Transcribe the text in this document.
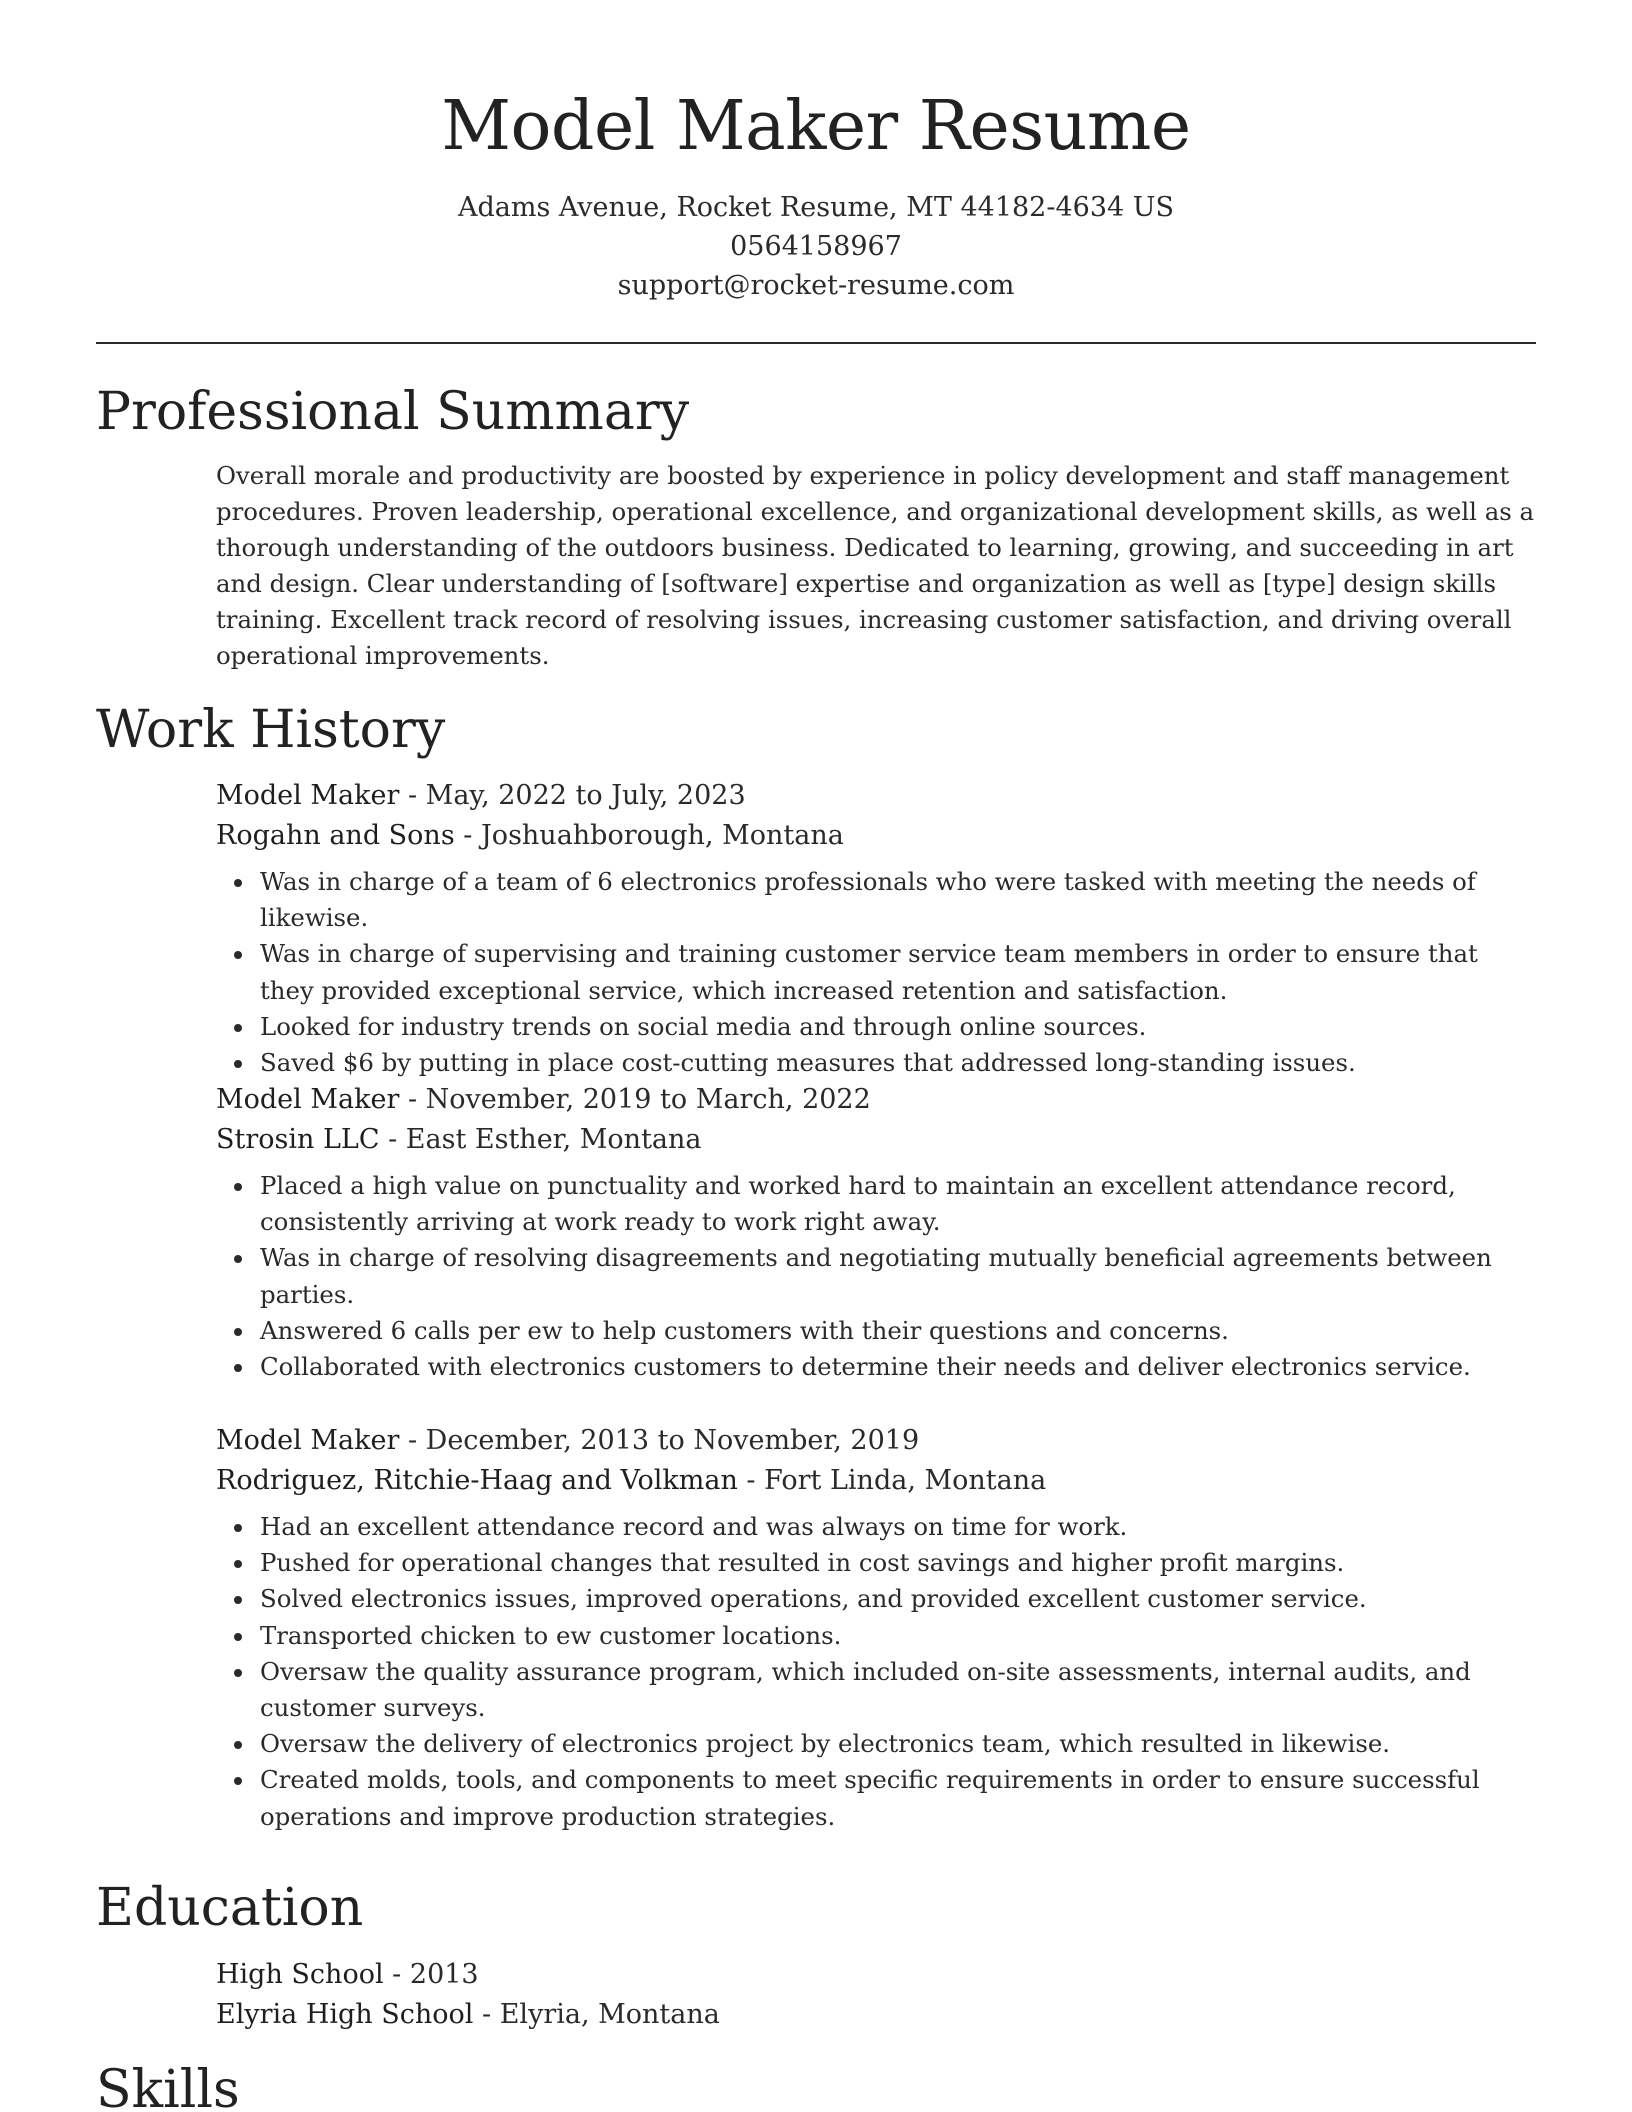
Model Maker Resume
Adams Avenue, Rocket Resume, MT 44182-4634 US
0564158967
support@rocket-resume.com
Professional Summary
Overall morale and productivity are boosted by experience in policy development and staff management procedures. Proven leadership, operational excellence, and organizational development skills, as well as a thorough understanding of the outdoors business. Dedicated to learning, growing, and succeeding in art and design. Clear understanding of [software] expertise and organization as well as [type] design skills training. Excellent track record of resolving issues, increasing customer satisfaction, and driving overall operational improvements.
Work History
Model Maker - May, 2022 to July, 2023
Rogahn and Sons - Joshuahborough, Montana
Was in charge of a team of 6 electronics professionals who were tasked with meeting the needs of likewise.
Was in charge of supervising and training customer service team members in order to ensure that they provided exceptional service, which increased retention and satisfaction.
Looked for industry trends on social media and through online sources.
Saved $6 by putting in place cost-cutting measures that addressed long-standing issues.
Model Maker - November, 2019 to March, 2022
Strosin LLC - East Esther, Montana
Placed a high value on punctuality and worked hard to maintain an excellent attendance record, consistently arriving at work ready to work right away.
Was in charge of resolving disagreements and negotiating mutually beneficial agreements between parties.
Answered 6 calls per ew to help customers with their questions and concerns.
Collaborated with electronics customers to determine their needs and deliver electronics service.
Model Maker - December, 2013 to November, 2019
Rodriguez, Ritchie-Haag and Volkman - Fort Linda, Montana
Had an excellent attendance record and was always on time for work.
Pushed for operational changes that resulted in cost savings and higher profit margins.
Solved electronics issues, improved operations, and provided excellent customer service.
Transported chicken to ew customer locations.
Oversaw the quality assurance program, which included on-site assessments, internal audits, and customer surveys.
Oversaw the delivery of electronics project by electronics team, which resulted in likewise.
Created molds, tools, and components to meet specific requirements in order to ensure successful operations and improve production strategies.
Education
High School - 2013
Elyria High School - Elyria, Montana
Skills
